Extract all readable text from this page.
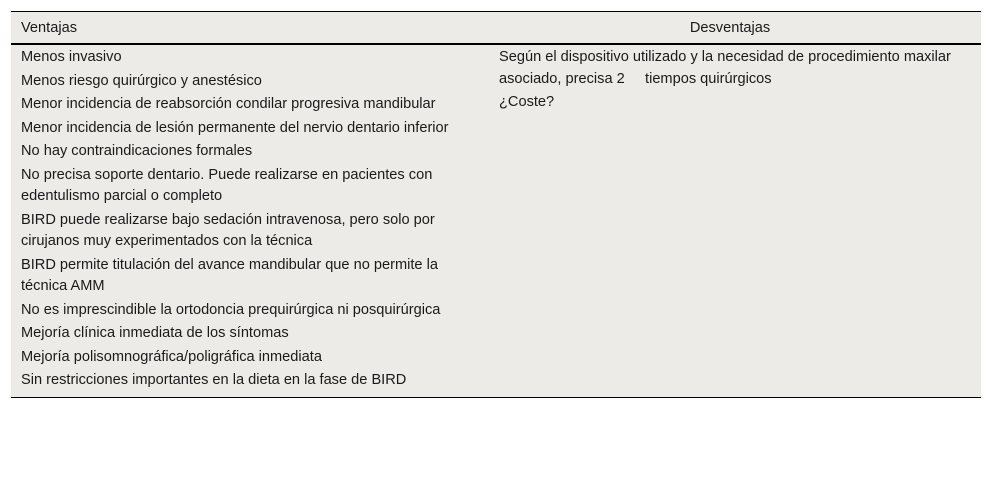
Ventajas	Desventajas
Menos invasivo
Menos riesgo quirúrgico y anestésico
Menor incidencia de reabsorción condilar progresiva mandibular
Menor incidencia de lesión permanente del nervio dentario inferior
No hay contraindicaciones formales
No precisa soporte dentario. Puede realizarse en pacientes con edentulismo parcial o completo
BIRD puede realizarse bajo sedación intravenosa, pero solo por cirujanos muy experimentados con la técnica
BIRD permite titulación del avance mandibular que no permite la técnica AMM
No es imprescindible la ortodoncia prequirúrgica ni posquirúrgica
Mejoría clínica inmediata de los síntomas
Mejoría polisomnográfica/poligráfica inmediata
Sin restricciones importantes en la dieta en la fase de BIRD
Según el dispositivo utilizado y la necesidad de procedimiento maxilar asociado, precisa 2     tiempos quirúrgicos
¿Coste?
